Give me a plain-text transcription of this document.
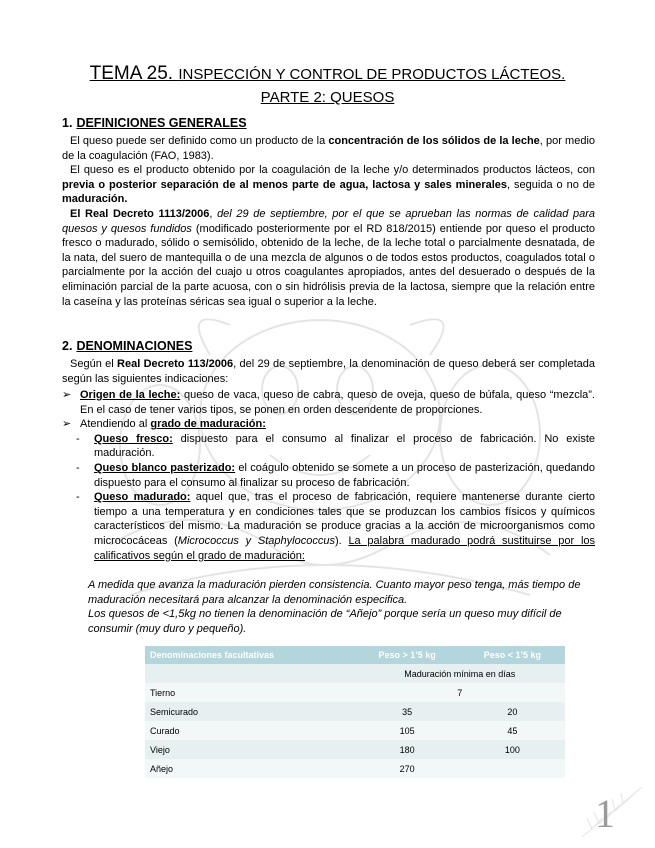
1
TEMA 25. INSPECCIÓN Y CONTROL DE PRODUCTOS LÁCTEOS.
PARTE 2: QUESOS
1. DEFINICIONES GENERALES

El queso puede ser definido como un producto de la concentración de los sólidos de la leche, por medio de la coagulación (FAO, 1983).

El queso es el producto obtenido por la coagulación de la leche y/o determinados productos lácteos, con previa o posterior separación de al menos parte de agua, lactosa y sales minerales, seguida o no de maduración.

El Real Decreto 1113/2006, del 29 de septiembre, por el que se aprueban las normas de calidad para quesos y quesos fundidos (modificado posteriormente por el RD 818/2015) entiende por queso el producto fresco o madurado, sólido o semisólido, obtenido de la leche, de la leche total o parcialmente desnatada, de la nata, del suero de mantequilla o de una mezcla de algunos o de todos estos productos, coagulados total o parcialmente por la acción del cuajo u otros coagulantes apropiados, antes del desuerado o después de la eliminación parcial de la parte acuosa, con o sin hidrólisis previa de la lactosa, siempre que la relación entre la caseína y las proteínas séricas sea igual o superior a la leche.

2. DENOMINACIONES

Según el Real Decreto 113/2006, del 29 de septiembre, la denominación de queso deberá ser completada según las siguientes indicaciones:

➢ Origen de la leche: queso de vaca, queso de cabra, queso de oveja, queso de búfala, queso “mezcla”. En el caso de tener varios tipos, se ponen en orden descendente de proporciones.
➢ Atendiendo al grado de maduración:
- Queso fresco: dispuesto para el consumo al finalizar el proceso de fabricación. No existe maduración.
- Queso blanco pasterizado: el coágulo obtenido se somete a un proceso de pasterización, quedando dispuesto para el consumo al finalizar su proceso de fabricación.
- Queso madurado: aquel que, tras el proceso de fabricación, requiere mantenerse durante cierto tiempo a una temperatura y en condiciones tales que se produzcan los cambios físicos y químicos característicos del mismo. La maduración se produce gracias a la acción de microorganismos como micrococáceas (Micrococcus y Staphylococcus). La palabra madurado podrá sustituirse por los calificativos según el grado de maduración:

A medida que avanza la maduración pierden consistencia. Cuanto mayor peso tenga, más tiempo de maduración necesitará para alcanzar la denominación especifica.

Los quesos de <1,5kg no tienen la denominación de “Añejo” porque sería un queso muy difícil de consumir (muy duro y pequeño).

Denominaciones facultativas	Peso > 1’5 kg	Peso < 1’5 kg
	Maduración mínima en días	
Tierno	7	
Semicurado	35	20
Curado	105	45
Viejo	180	100
Añejo	270	
